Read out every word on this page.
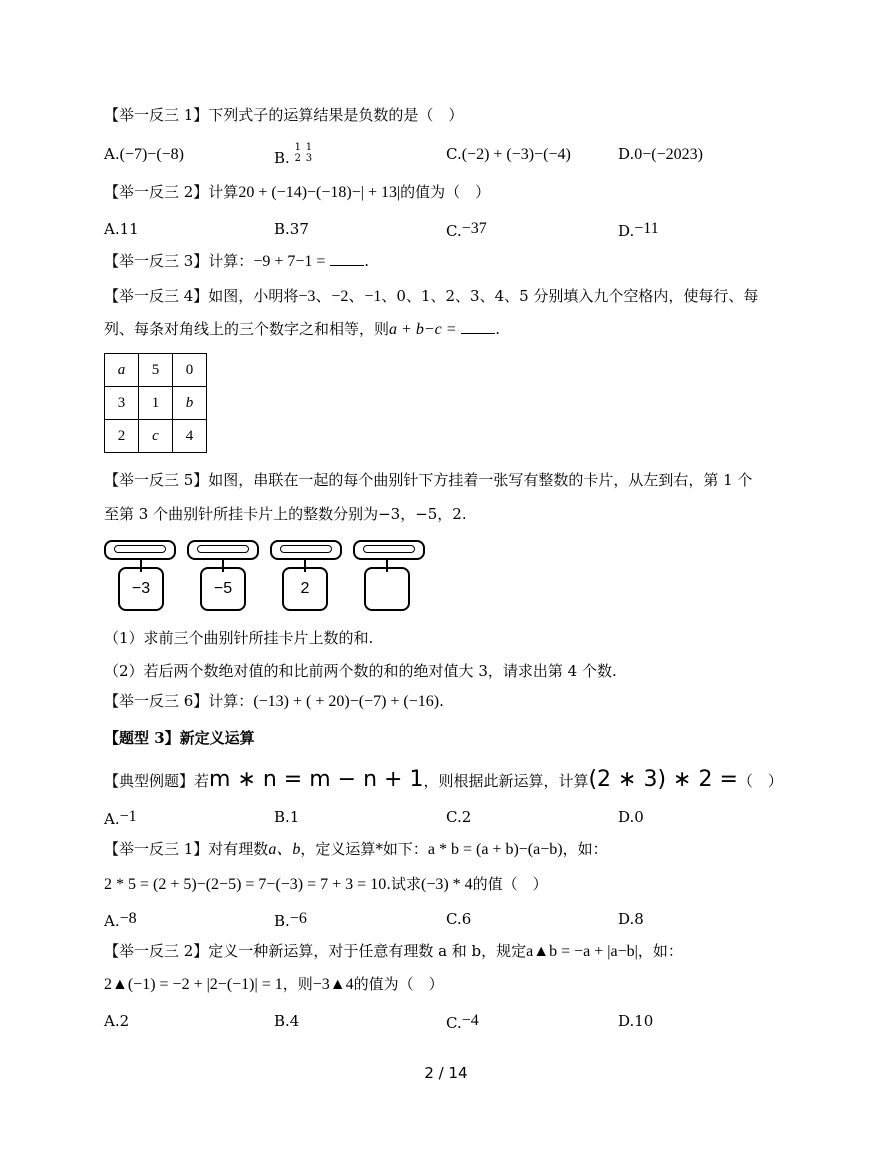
【举一反三 1】下列式子的运算结果是负数的是（　）
A.(−7)−(−8)	B.
1
2

1
3	C.(−2) + (−3)−(−4)	D.0−(−2023)
【举一反三 2】计算20 + (−14)−(−18)−| + 13|的值为（　）
A.11	B.37	C.−37	D.−11
【举一反三 3】计算：−9 + 7−1 =	.
【举一反三 4】如图，小明将−3、−2、−1、0、1、2、3、4、5 分别填入九个空格内，使每行、每
列、每条对角线上的三个数字之和相等，则a + b−c =	.
a	5	0
3	1	b
2	c	4
【举一反三 5】如图，串联在一起的每个曲别针下方挂着一张写有整数的卡片，从左到右，第 1 个
至第 3 个曲别针所挂卡片上的整数分别为−3，−5，2.
−3	−5	2
（1）求前三个曲别针所挂卡片上数的和.
（2）若后两个数绝对值的和比前两个数的和的绝对值大 3，请求出第 4 个数.
【举一反三 6】计算：(−13) + ( + 20)−(−7) + (−16).
【题型 3】新定义运算
【典型例题】若m ∗ n = m − n + 1，则根据此新运算，计算(2 ∗ 3) ∗ 2 =（　）
A.−1	B.1	C.2	D.0
【举一反三 1】对有理数a、b，定义运算*如下：a * b = (a + b)−(a−b)，如：
2 * 5 = (2 + 5)−(2−5) = 7−(−3) = 7 + 3 = 10.试求(−3) * 4的值（　）
A.−8	B.−6	C.6	D.8
【举一反三 2】定义一种新运算，对于任意有理数 a 和 b，规定a▲b = −a + |a−b|，如：
2▲(−1) = −2 + |2−(−1)| = 1，则−3▲4的值为（　）
A.2	B.4	C.−4	D.10
2 / 14
